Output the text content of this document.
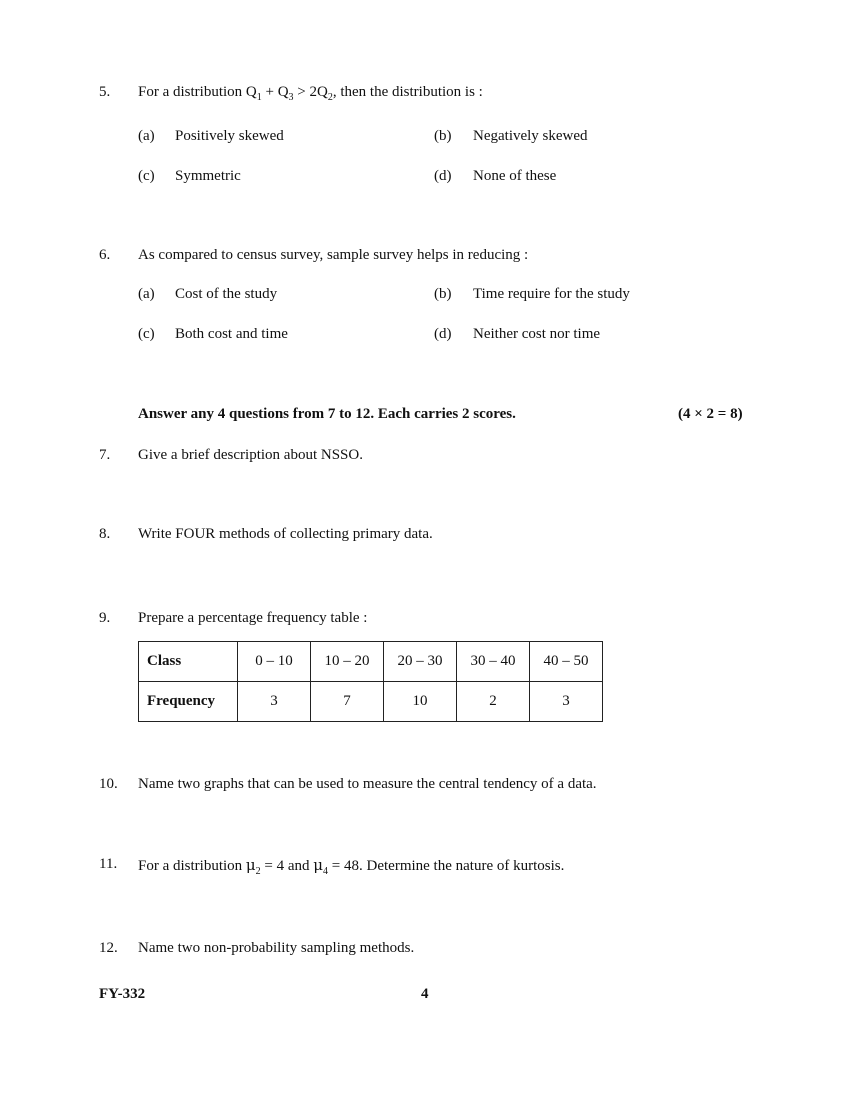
5. For a distribution $Q_1 + Q_3 > 2Q_2$, then the distribution is :
(a) Positively skewed	(b) Negatively skewed
(c) Symmetric	(d) None of these
6. As compared to census survey, sample survey helps in reducing :
(a) Cost of the study	(b) Time require for the study
(c) Both cost and time	(d) Neither cost nor time
Answer any 4 questions from 7 to 12. Each carries 2 scores.	(4 × 2 = 8)
7. Give a brief description about NSSO.
8. Write FOUR methods of collecting primary data.
9. Prepare a percentage frequency table :
Class	0 – 10	10 – 20	20 – 30	30 – 40	40 – 50
Frequency	3	7	10	2	3
10. Name two graphs that can be used to measure the central tendency of a data.
11. For a distribution $\mu_2 = 4$ and $\mu_4 = 48$. Determine the nature of kurtosis.
12. Name two non-probability sampling methods.
FY-332	4
